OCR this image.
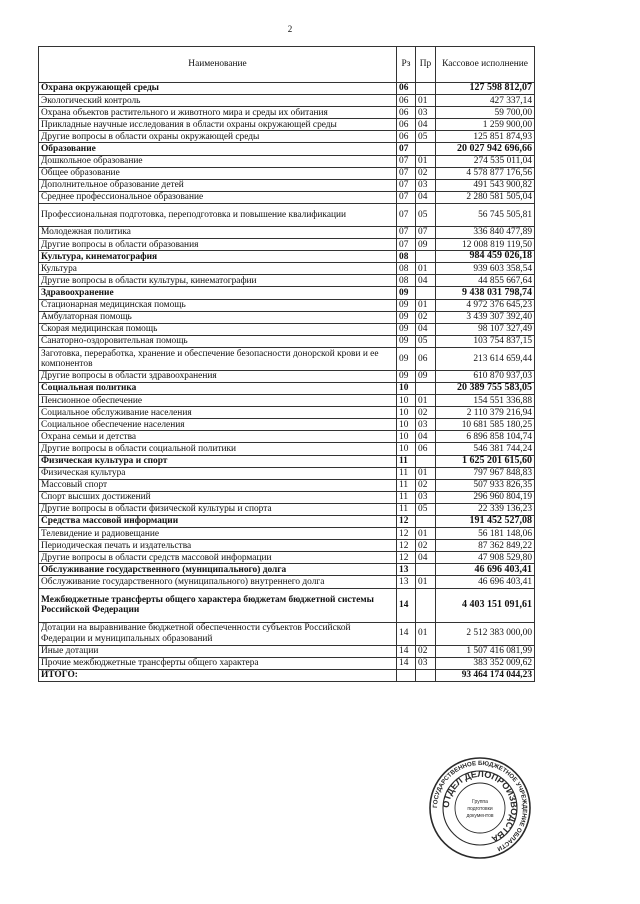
2
Наименование	Рз	Пр	Кассовое исполнение
Охрана окружающей среды	06		127 598 812,07
Экологический контроль	06	01	427 337,14
Охрана объектов растительного и животного мира и среды их обитания	06	03	59 700,00
Прикладные научные исследования в области охраны окружающей среды	06	04	1 259 900,00
Другие вопросы в области охраны окружающей среды	06	05	125 851 874,93
Образование	07		20 027 942 696,66
Дошкольное образование	07	01	274 535 011,04
Общее образование	07	02	4 578 877 176,56
Дополнительное образование детей	07	03	491 543 900,82
Среднее профессиональное образование	07	04	2 280 581 505,04
Профессиональная подготовка, переподготовка и повышение квалификации	07	05	56 745 505,81
Молодежная политика	07	07	336 840 477,89
Другие вопросы в области образования	07	09	12 008 819 119,50
Культура, кинематография	08		984 459 026,18
Культура	08	01	939 603 358,54
Другие вопросы в области культуры, кинематографии	08	04	44 855 667,64
Здравоохранение	09		9 438 031 798,74
Стационарная медицинская помощь	09	01	4 972 376 645,23
Амбулаторная помощь	09	02	3 439 307 392,40
Скорая медицинская помощь	09	04	98 107 327,49
Санаторно-оздоровительная помощь	09	05	103 754 837,15
Заготовка, переработка, хранение и обеспечение безопасности донорской крови и ее компонентов	09	06	213 614 659,44
Другие вопросы в области здравоохранения	09	09	610 870 937,03
Социальная политика	10		20 389 755 583,05
Пенсионное обеспечение	10	01	154 551 336,88
Социальное обслуживание населения	10	02	2 110 379 216,94
Социальное обеспечение населения	10	03	10 681 585 180,25
Охрана семьи и детства	10	04	6 896 858 104,74
Другие вопросы в области социальной политики	10	06	546 381 744,24
Физическая культура и спорт	11		1 625 201 615,60
Физическая культура	11	01	797 967 848,83
Массовый спорт	11	02	507 933 826,35
Спорт высших достижений	11	03	296 960 804,19
Другие вопросы в области физической культуры и спорта	11	05	22 339 136,23
Средства массовой информации	12		191 452 527,08
Телевидение и радиовещание	12	01	56 181 148,06
Периодическая печать и издательства	12	02	87 362 849,22
Другие вопросы в области средств массовой информации	12	04	47 908 529,80
Обслуживание государственного (муниципального) долга	13		46 696 403,41
Обслуживание государственного (муниципального) внутреннего долга	13	01	46 696 403,41
Межбюджетные трансферты общего характера бюджетам бюджетной системы Российской Федерации	14		4 403 151 091,61
Дотации на выравнивание бюджетной обеспеченности субъектов Российской Федерации и муниципальных образований	14	01	2 512 383 000,00
Иные дотации	14	02	1 507 416 081,99
Прочие межбюджетные трансферты общего характера	14	03	383 352 009,62
ИТОГО:			93 464 174 044,23
ГОСУДАРСТВЕННОЕ БЮДЖЕТНОЕ УЧРЕЖДЕНИЕ ОБЛАСТИ
ОТДЕЛ ДЕЛОПРОИЗВОДСТВА
Группа
подготовки
документов
